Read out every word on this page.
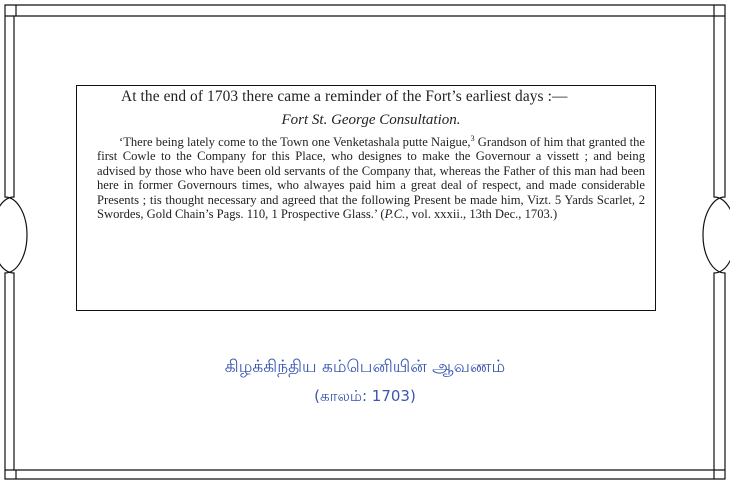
At the end of 1703 there came a reminder of the Fort’s earliest days :—

Fort St. George Consultation.

‘There being lately come to the Town one Venketashala putte Naigue,$^3$ Grandson of him that granted the first Cowle to the Company for this Place, who designes to make the Governour a vissett ; and being advised by those who have been old servants of the Company that, whereas the Father of this man had been here in former Governours times, who alwayes paid him a great deal of respect, and made considerable Presents ; tis thought necessary and agreed that the following Present be made him, Vizt. 5 Yards Scarlet, 2 Swordes, Gold Chain’s Pags. 110, 1 Prospective Glass.’ (P.C., vol. xxxii., 13th Dec., 1703.)

கிழக்கிந்திய கம்பெனியின் ஆவணம்
(காலம்: 1703)
